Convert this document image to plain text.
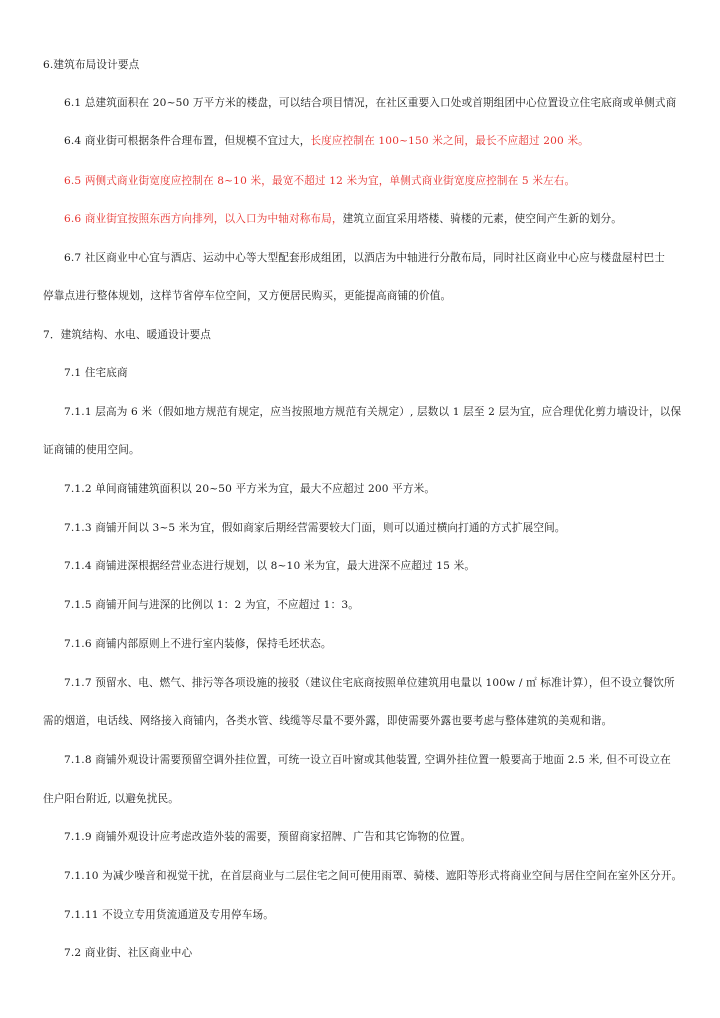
6.建筑布局设计要点
6.1 总建筑面积在 20~50 万平方米的楼盘，可以结合项目情况，在社区重要入口处或首期组团中心位置设立住宅底商或单侧式商
6.4 商业街可根据条件合理布置，但规模不宜过大，长度应控制在 100~150 米之间，最长不应超过 200 米。
6.5 两侧式商业街宽度应控制在 8~10 米，最宽不超过 12 米为宜，单侧式商业街宽度应控制在 5 米左右。
6.6 商业街宜按照东西方向排列，以入口为中轴对称布局，建筑立面宜采用塔楼、骑楼的元素，使空间产生新的划分。
6.7 社区商业中心宜与酒店、运动中心等大型配套形成组团，以酒店为中轴进行分散布局，同时社区商业中心应与楼盘屋村巴士
停靠点进行整体规划，这样节省停车位空间，又方便居民购买，更能提高商铺的价值。
7．建筑结构、水电、暖通设计要点
7.1 住宅底商
7.1.1 层高为 6 米（假如地方规范有规定，应当按照地方规范有关规定）, 层数以 1 层至 2 层为宜，应合理优化剪力墙设计，以保
证商铺的使用空间。
7.1.2 单间商铺建筑面积以 20~50 平方米为宜，最大不应超过 200 平方米。
7.1.3 商铺开间以 3~5 米为宜，假如商家后期经营需要较大门面，则可以通过横向打通的方式扩展空间。
7.1.4 商铺进深根据经营业态进行规划，以 8~10 米为宜，最大进深不应超过 15 米。
7.1.5 商铺开间与进深的比例以 1：2 为宜，不应超过 1：3。
7.1.6 商铺内部原则上不进行室内装修，保持毛坯状态。
7.1.7 预留水、电、燃气、排污等各项设施的接驳（建议住宅底商按照单位建筑用电量以 100w / ㎡ 标准计算），但不设立餐饮所
需的烟道，电话线、网络接入商铺内，各类水管、线缆等尽量不要外露，即使需要外露也要考虑与整体建筑的美观和谐。
7.1.8 商铺外观设计需要预留空调外挂位置，可统一设立百叶窗或其他装置, 空调外挂位置一般要高于地面 2.5 米, 但不可设立在
住户阳台附近, 以避免扰民。
7.1.9 商铺外观设计应考虑改造外装的需要，预留商家招牌、广告和其它饰物的位置。
7.1.10 为减少噪音和视觉干扰，在首层商业与二层住宅之间可使用雨罩、骑楼、遮阳等形式将商业空间与居住空间在室外区分开。
7.1.11 不设立专用货流通道及专用停车场。
7.2 商业街、社区商业中心
